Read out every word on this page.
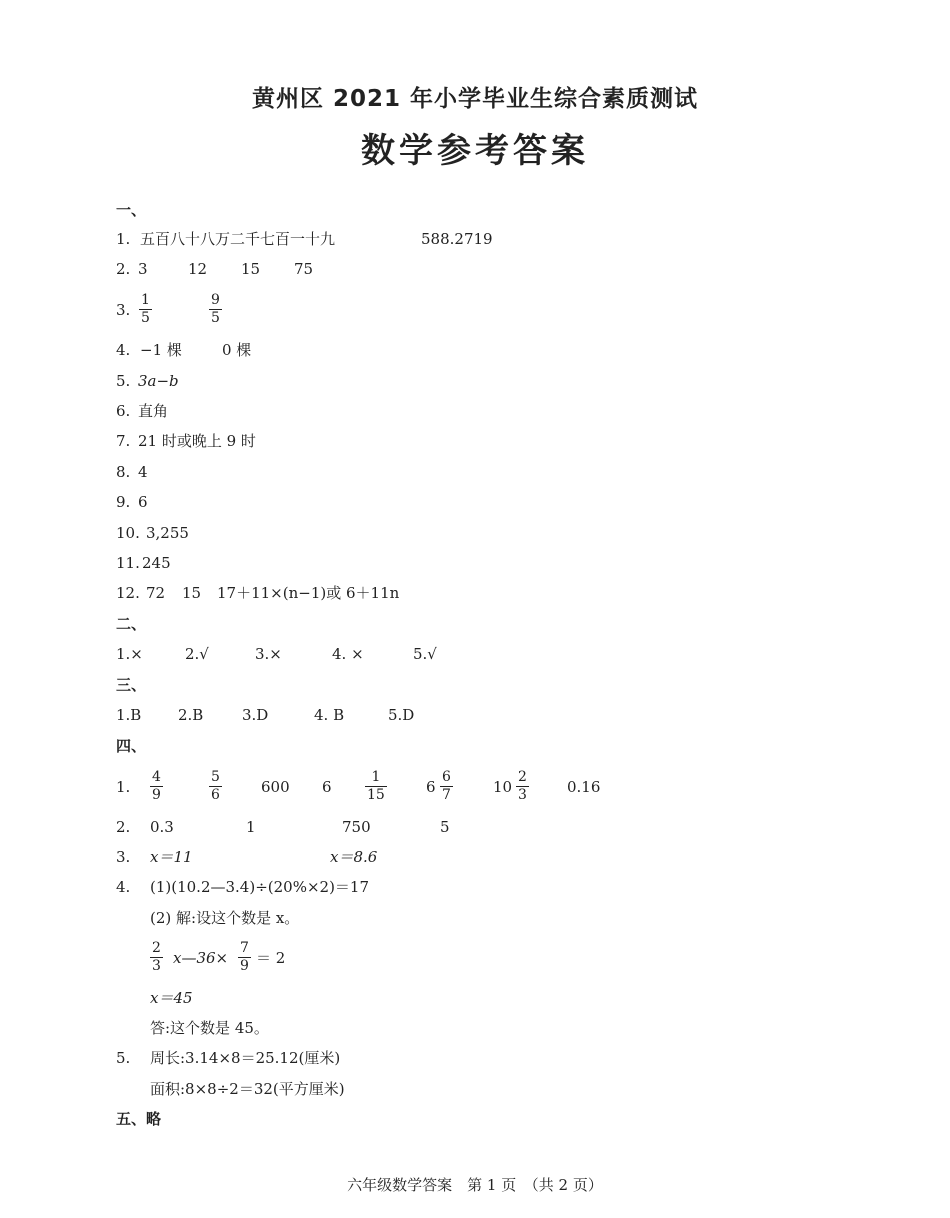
黄州区 2021 年小学毕业生综合素质测试
数学参考答案
一、
1. 五百八十八万二千七百一十九	588.2719
2. 3	12 15 75
3. $\frac{1}{5}$	$\frac{9}{5}$
4. −1 棵	0 棵
5. 3a−b
6. 直角
7. 21 时或晚上 9 时
8. 4
9. 6
10. 3,255
11. 245
12. 72 15 17＋11×(n−1)或 6＋11n
二、
1.×	2.√	3.×	4. ×	5.√
三、
1.B 2.B	3.D	4. B	5.D
四、
1. $\frac{4}{9}$	$\frac{5}{6}$	600 $6 \frac{1}{15}$	$6 \frac{6}{7}$	$10 \frac{2}{3}$	0.16
2. 0.3	1	750	5
3. x＝11	x＝8.6
4. (1)(10.2—3.4)÷(20%×2)＝17
(2) 解:设这个数是 x。
$\frac{2}{3}$ x—36× $\frac{7}{9} = 2$
x＝45
答:这个数是 45。
5. 周长:3.14×8＝25.12(厘米)
面积:8×8÷2＝32(平方厘米)
五、略
六年级数学答案　第 1 页　（共 2 页）
